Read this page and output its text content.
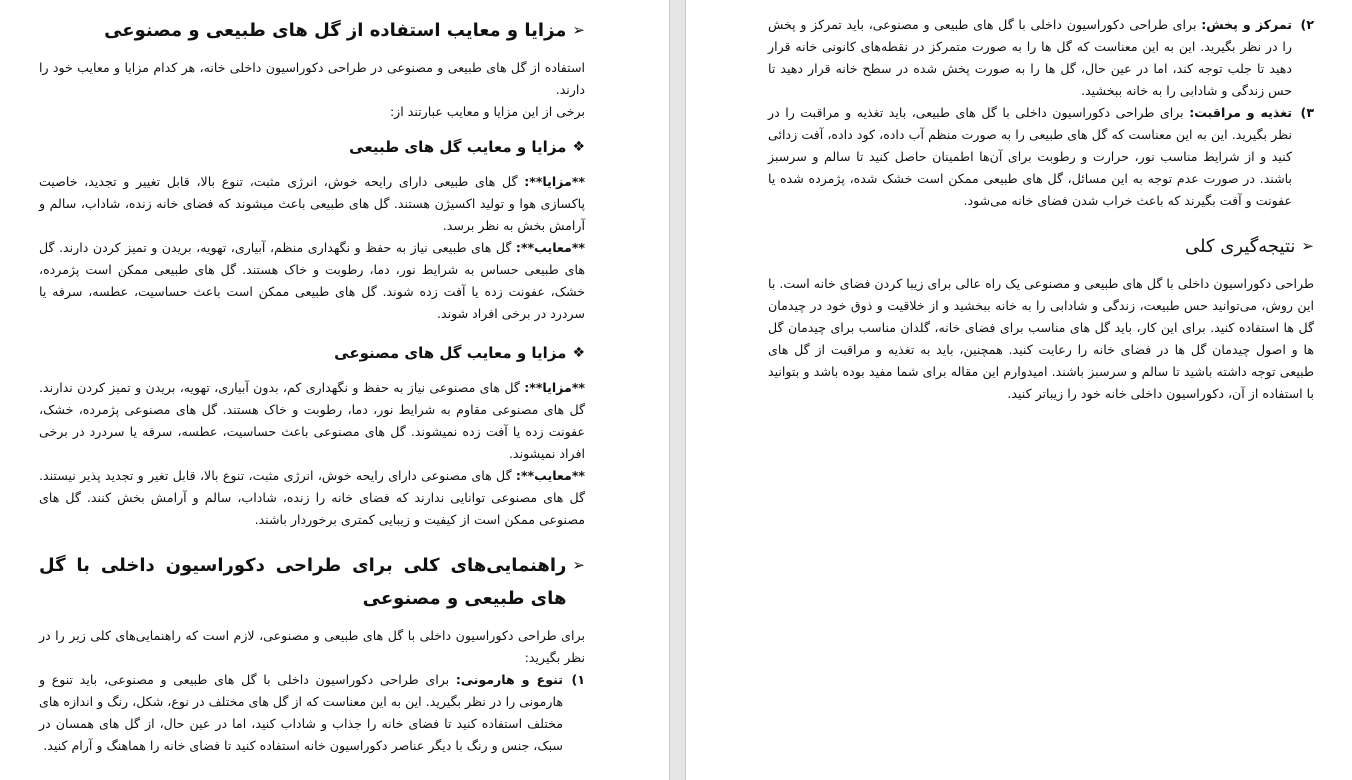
➢
مزایا و معایب استفاده از گل های طبیعی و مصنوعی

استفاده از گل های طبیعی و مصنوعی در طراحی دکوراسیون داخلی خانه، هر کدام مزایا و معایب خود را دارند.

برخی از این مزایا و معایب عبارتند از:

❖
مزایا و معایب گل های طبیعی

**مزایا**: گل های طبیعی دارای رایحه خوش، انرژی مثبت، تنوع بالا، قابل تغییر و تجدید، خاصیت پاکسازی هوا و تولید اکسیژن هستند. گل های طبیعی باعث میشوند که فضای خانه زنده، شاداب، سالم و آرامش بخش به نظر برسد.

**معایب**: گل های طبیعی نیاز به حفظ و نگهداری منظم، آبیاری، تهویه، بریدن و تمیز کردن دارند. گل های طبیعی حساس به شرایط نور، دما، رطوبت و خاک هستند. گل های طبیعی ممکن است پژمرده، خشک، عفونت زده یا آفت زده شوند. گل های طبیعی ممکن است باعث حساسیت، عطسه، سرفه یا سردرد در برخی افراد شوند.

❖
مزایا و معایب گل های مصنوعی

**مزایا**: گل های مصنوعی نیاز به حفظ و نگهداری کم، بدون آبیاری، تهویه، بریدن و تمیز کردن ندارند. گل های مصنوعی مقاوم به شرایط نور، دما، رطوبت و خاک هستند. گل های مصنوعی پژمرده، خشک، عفونت زده یا آفت زده نمیشوند. گل های مصنوعی باعث حساسیت، عطسه، سرفه یا سردرد در برخی افراد نمیشوند.

**معایب**: گل های مصنوعی دارای رایحه خوش، انرژی مثبت، تنوع بالا، قابل تغیر و تجدید پذیر نیستند. گل های مصنوعی توانایی ندارند که فضای خانه را زنده، شاداب، سالم و آرامش بخش کنند. گل های مصنوعی ممکن است از کیفیت و زیبایی کمتری برخوردار باشند.

➢
راهنمایی‌های کلی برای طراحی دکوراسیون داخلی با گل های طبیعی و مصنوعی

برای طراحی دکوراسیون داخلی با گل های طبیعی و مصنوعی، لازم است که راهنمایی‌های کلی زیر را در نظر بگیرید:

۱)
تنوع و هارمونی: برای طراحی دکوراسیون داخلی با گل های طبیعی و مصنوعی، باید تنوع و هارمونی را در نظر بگیرید. این به این معناست که از گل های مختلف در نوع، شکل، رنگ و اندازه های مختلف استفاده کنید تا فضای خانه را جذاب و شاداب کنید، اما در عین حال، از گل های همسان در سبک، جنس و رنگ با دیگر عناصر دکوراسیون خانه استفاده کنید تا فضای خانه را هماهنگ و آرام کنید.
۲)
تمرکز و پخش: برای طراحی دکوراسیون داخلی با گل های طبیعی و مصنوعی، باید تمرکز و پخش را در نظر بگیرید. این به این معناست که گل ها را به صورت متمرکز در نقطه‌های کانونی خانه قرار دهید تا جلب توجه کند، اما در عین حال، گل ها را به صورت پخش شده در سطح خانه قرار دهید تا حس زندگی و شادابی را به خانه ببخشید.
۳)
تغذیه و مراقبت: برای طراحی دکوراسیون داخلی با گل های طبیعی، باید تغذیه و مراقبت را در نظر بگیرید. این به این معناست که گل های طبیعی را به صورت منظم آب داده، کود داده، آفت زدائی کنید و از شرایط مناسب نور، حرارت و رطوبت برای آن‌ها اطمینان حاصل کنید تا سالم و سرسبز باشند. در صورت عدم توجه به این مسائل، گل های طبیعی ممکن است خشک شده، پژمرده شده یا عفونت و آفت بگیرند که باعث خراب شدن فضای خانه می‌شود.
➢
نتیجه‌گیری کلی

طراحی دکوراسیون داخلی با گل های طبیعی و مصنوعی یک راه عالی برای زیبا کردن فضای خانه است. با این روش، می‌توانید حس طبیعت، زندگی و شادابی را به خانه ببخشید و از خلاقیت و ذوق خود در چیدمان گل ها استفاده کنید. برای این کار، باید گل های مناسب برای فضای خانه، گلدان مناسب برای چیدمان گل ها و اصول چیدمان گل ها در فضای خانه را رعایت کنید. همچنین، باید به تغذیه و مراقبت از گل های طبیعی توجه داشته باشید تا سالم و سرسبز باشند. امیدوارم این مقاله برای شما مفید بوده باشد و بتوانید با استفاده از آن، دکوراسیون داخلی خانه خود را زیباتر کنید.
